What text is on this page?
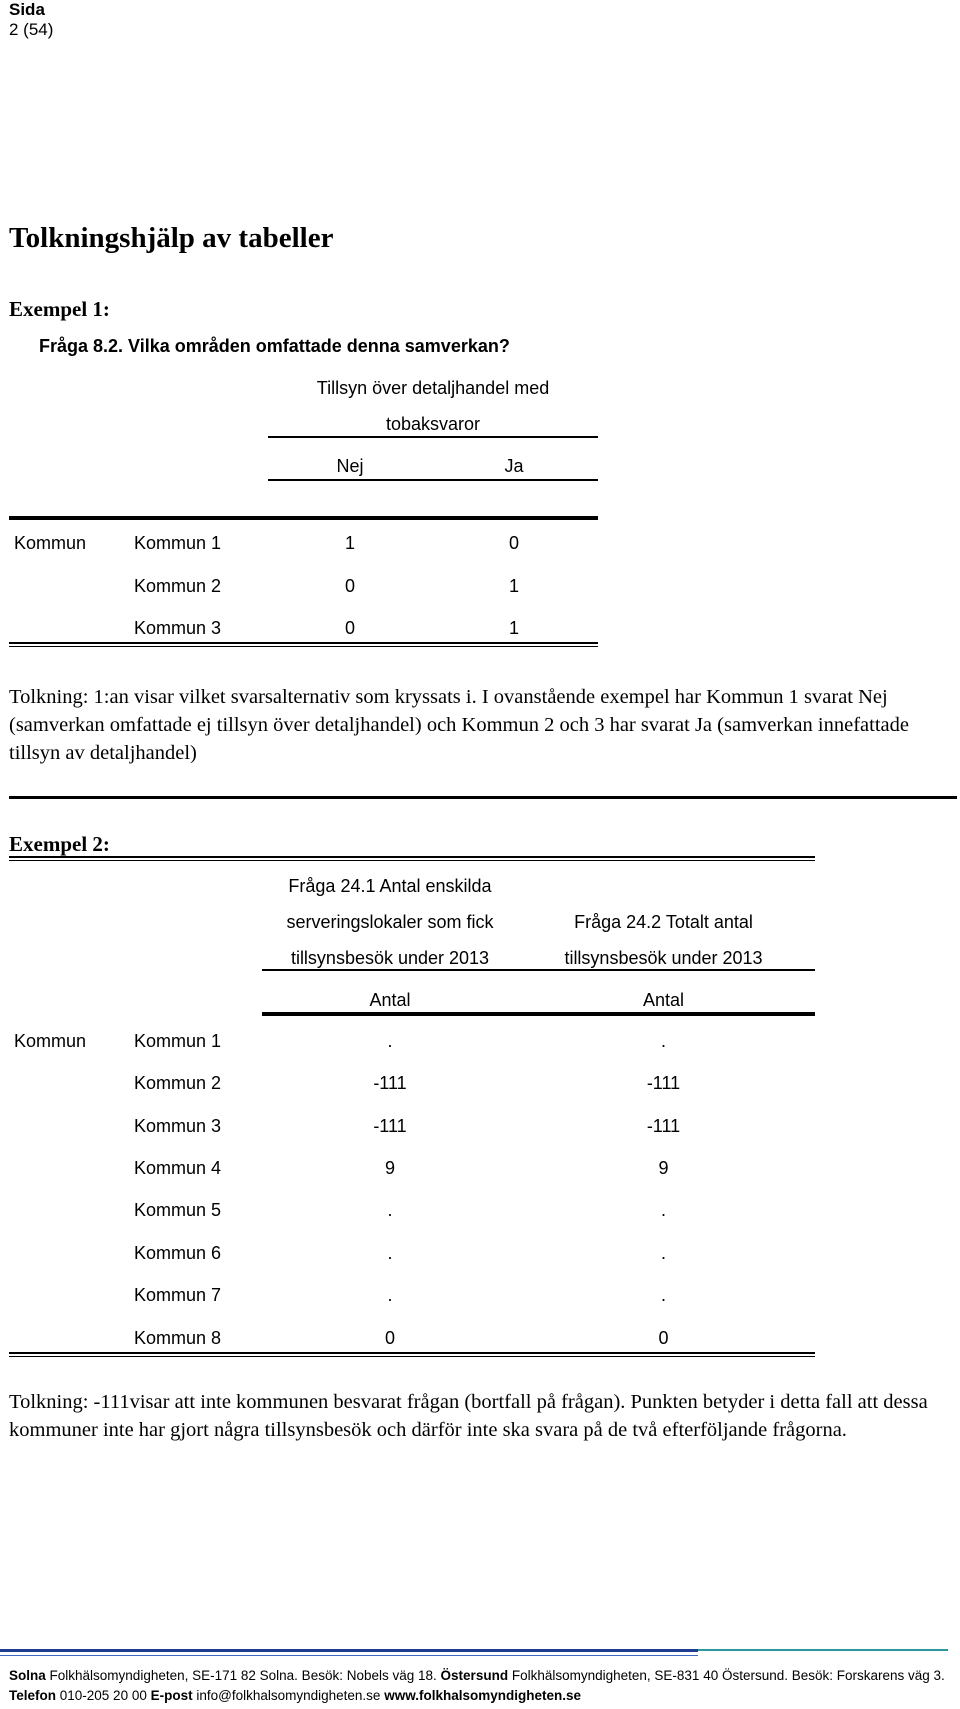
Sida
2 (54)
Tolkningshjälp av tabeller
Exempel 1:
Fråga 8.2. Vilka områden omfattade denna samverkan?
Tillsyn över detaljhandel med
tobaksvaror
Nej	Ja
Kommun	Kommun 1	1	0
Kommun 2	0	1
Kommun 3	0	1
Tolkning: 1:an visar vilket svarsalternativ som kryssats i. I ovanstående exempel har Kommun 1 svarat Nej (samverkan omfattade ej tillsyn över detaljhandel) och Kommun 2 och 3 har svarat Ja (samverkan innefattade tillsyn av detaljhandel)
Exempel 2:
Fråga 24.1 Antal enskilda
serveringslokaler som fick
tillsynsbesök under 2013
Fråga 24.2 Totalt antal
tillsynsbesök under 2013
Antal	Antal
Kommun	Kommun 1	.	.
Kommun 2	-111	-111
Kommun 3	-111	-111
Kommun 4	9	9
Kommun 5	.	.
Kommun 6	.	.
Kommun 7	.	.
Kommun 8	0	0
Tolkning: -111visar att inte kommunen besvarat frågan (bortfall på frågan). Punkten betyder i detta fall att dessa kommuner inte har gjort några tillsynsbesök och därför inte ska svara på de två efterföljande frågorna.
Solna Folkhälsomyndigheten, SE-171 82 Solna. Besök: Nobels väg 18. Östersund Folkhälsomyndigheten, SE-831 40 Östersund. Besök: Forskarens väg 3.
Telefon 010-205 20 00 E-post info@folkhalsomyndigheten.se www.folkhalsomyndigheten.se
